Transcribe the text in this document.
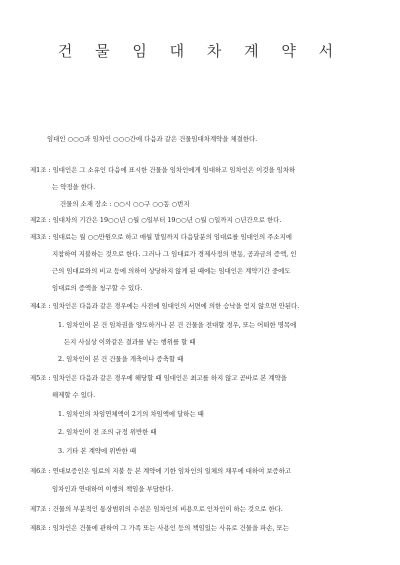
건 물 임 대 차 계 약 서
임대인 ○○○과 임차인 ○○○간에 다음과 같은 건물임대차계약을 체결한다.
제1조 : 임대인은 그 소유인 다음에 표시한 건물을 임차인에게 임대하고 임차인은 이것을 임차하
는 약정을 한다.
건물의 소재 장소 : ○○시 ○○구 ○○동 ○번지
제2조 : 임대차의 기간은 19○○년 ○월 ○일부터 19○○년 ○월 ○일까지 ○년간으로 한다.
제3조 : 임대료는 월 ○○만원으로 하고 매월 말일까지 다음달분의 임대료를 임대인의 주소지에
지참하여 지불하는 것으로 한다. 그러나 그 임대료가 경제사정의 변동, 공과금의 증액, 인
근의 임대료와의 비교 등에 의하여 상당하지 않게 된 때에는 임대인은 계약기간 중에도
임대료의 증액을 청구할 수 있다.
제4조 : 임차인은 다음과 같은 경우에는 사전에 임대인의 서면에 의한 승낙을 얻지 않으면 안된다.
1. 임차인이 본 건 임차권을 양도하거나 본 건 건물을 전대할 경우, 또는 어떠한 명목에
든지 사실상 이와같은 결과를 낳는 행위를 할 때
2. 임차인이 본 건 건물을 개축이나 증축할 때
제5조 : 임차인은 다음과 같은 경우에 해당할 때 임대인은 최고를 하지 않고 곧바로 본 계약을
해제할 수 있다.
1. 임차인의 차임연체액이 2기의 차임액에 달하는 때
2. 임차인이 전 조의 규정 위반한 때
3. 기타 본 계약에 위반한 때
제6조 : 연대보증인은 임료의 지불 등 본 계약에 기한 임차인의 일체의 채무에 대하여 보증하고
임차인과 연대하여 이행의 책임을 부담한다.
제7조 : 건물의 부분적인 통상범위의 수선은 임차인의 비용으로 인차인이 하는 것으로 한다.
제8조 : 임차인은 건물에 관하여 그 가족 또는 사용인 등의 책임있는 사유로 건물을 파손, 또는
